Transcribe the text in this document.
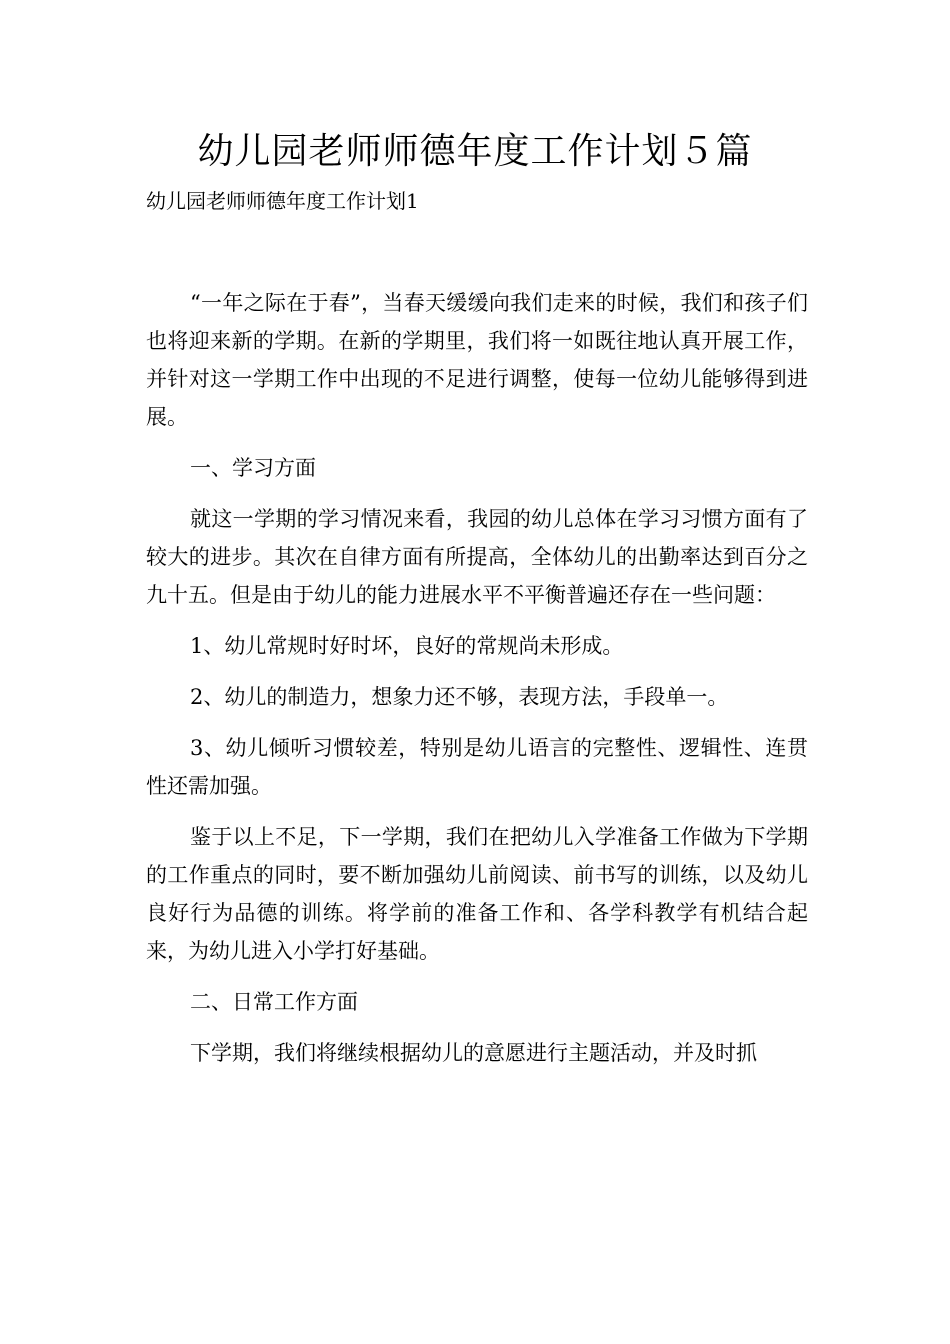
幼儿园老师师德年度工作计划５篇
幼儿园老师师德年度工作计划1

“一年之际在于春”，当春天缓缓向我们走来的时候，我们和孩子们也将迎来新的学期。在新的学期里，我们将一如既往地认真开展工作，并针对这一学期工作中出现的不足进行调整，使每一位幼儿能够得到进展。

一、学习方面

就这一学期的学习情况来看，我园的幼儿总体在学习习惯方面有了较大的进步。其次在自律方面有所提高，全体幼儿的出勤率达到百分之九十五。但是由于幼儿的能力进展水平不平衡普遍还存在一些问题：

1、幼儿常规时好时坏，良好的常规尚未形成。

2、幼儿的制造力，想象力还不够，表现方法，手段单一。

3、幼儿倾听习惯较差，特别是幼儿语言的完整性、逻辑性、连贯性还需加强。

鉴于以上不足，下一学期，我们在把幼儿入学准备工作做为下学期的工作重点的同时，要不断加强幼儿前阅读、前书写的训练，以及幼儿良好行为品德的训练。将学前的准备工作和、各学科教学有机结合起来，为幼儿进入小学打好基础。

二、日常工作方面

下学期，我们将继续根据幼儿的意愿进行主题活动，并及时抓
